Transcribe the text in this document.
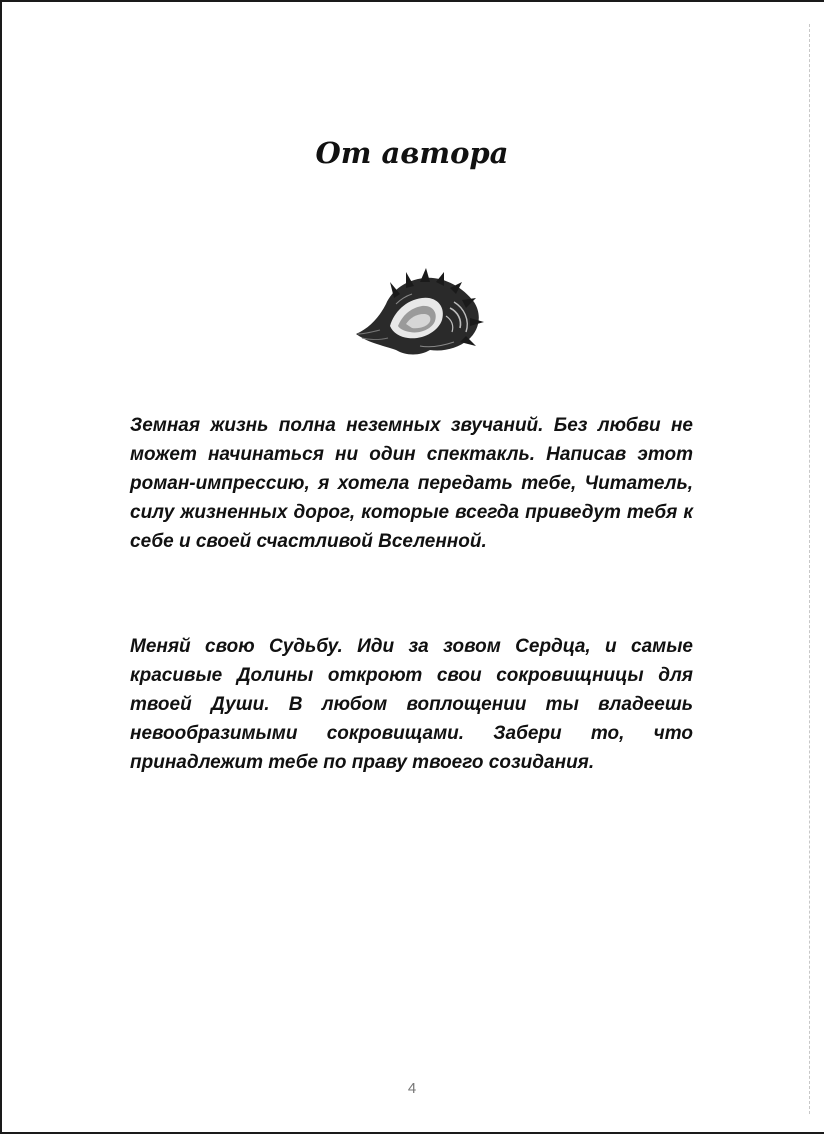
От автора

Земная жизнь полна неземных звучаний. Без любви не может начинаться ни один спектакль. Написав этот роман-импрессию, я хотела передать тебе, Читатель, силу жизненных дорог, которые всегда приведут тебя к себе и своей счастливой Вселенной.

Меняй свою Судьбу. Иди за зовом Сердца, и самые красивые Долины откроют свои сокровищницы для твоей Души. В любом воплощении ты владеешь невообразимыми сокровищами. Забери то, что принадлежит тебе по праву твоего созидания.

4
